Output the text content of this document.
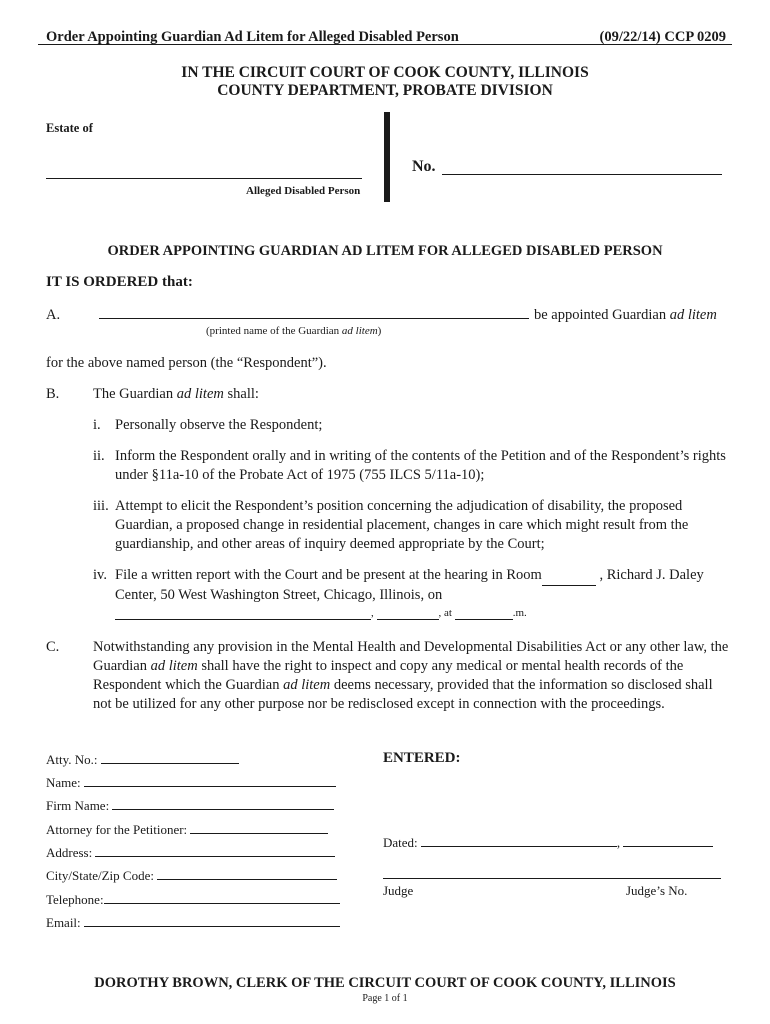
Order Appointing Guardian Ad Litem for Alleged Disabled Person	(09/22/14) CCP 0209
IN THE CIRCUIT COURT OF COOK COUNTY, ILLINOIS
COUNTY DEPARTMENT, PROBATE DIVISION
Estate of
Alleged Disabled Person
No.
ORDER APPOINTING GUARDIAN AD LITEM FOR ALLEGED DISABLED PERSON
IT IS ORDERED that:
A.	be appointed Guardian ad litem
(printed name of the Guardian ad litem)
for the above named person (the “Respondent”).
B. The Guardian ad litem shall:
i. Personally observe the Respondent;
ii. Inform the Respondent orally and in writing of the contents of the Petition and of the Respondent’s rights under §11a-10 of the Probate Act of 1975 (755 ILCS 5/11a-10);
iii. Attempt to elicit the Respondent’s position concerning the adjudication of disability, the proposed Guardian, a proposed change in residential placement, changes in care which might result from the guardianship, and other areas of inquiry deemed appropriate by the Court;
iv. File a written report with the Court and be present at the hearing in Room	, Richard J. Daley Center, 50 West Washington Street, Chicago, Illinois, on
,	, at	.m.
C. Notwithstanding any provision in the Mental Health and Developmental Disabilities Act or any other law, the Guardian ad litem shall have the right to inspect and copy any medical or mental health records of the Respondent which the Guardian ad litem deems necessary, provided that the information so disclosed shall not be utilized for any other purpose nor be redisclosed except in connection with the proceedings.
Atty. No.:
Name:
Firm Name:
Attorney for the Petitioner:
Address:
City/State/Zip Code:
Telephone:
Email:
ENTERED:
Dated:	,
Judge	Judge’s No.
DOROTHY BROWN, CLERK OF THE CIRCUIT COURT OF COOK COUNTY, ILLINOIS
Page 1 of 1
